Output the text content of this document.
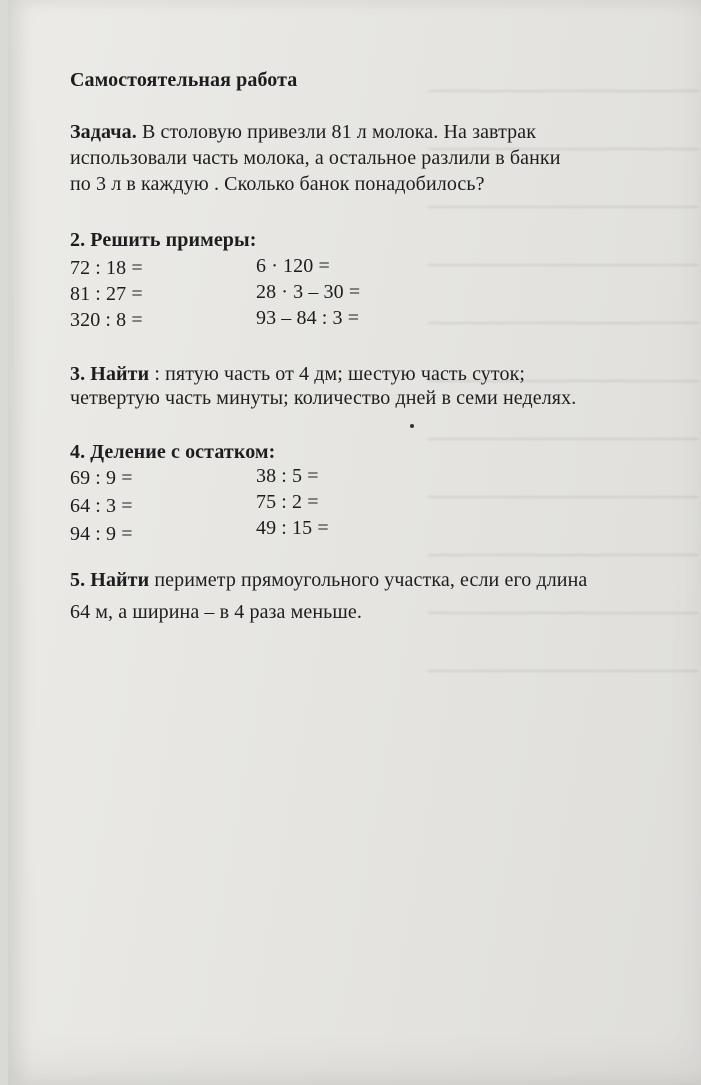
Самостоятельная работа
Задача. В столовую привезли 81 л молока. На завтрак
использовали часть молока, а остальное разлили в банки
по 3 л в каждую . Сколько банок понадобилось?
2. Решить примеры:
72 : 18 =
81 : 27 =
320 : 8 =
6 · 120 =
28 · 3 – 30 =
93 – 84 : 3 =
3. Найти : пятую часть от 4 дм; шестую часть суток;
четвертую часть минуты; количество дней в семи неделях.
4. Деление с остатком:
69 : 9 =
64 : 3 =
94 : 9 =
38 : 5 =
75 : 2 =
49 : 15 =
5. Найти периметр прямоугольного участка, если его длина
64 м, а ширина – в 4 раза меньше.
